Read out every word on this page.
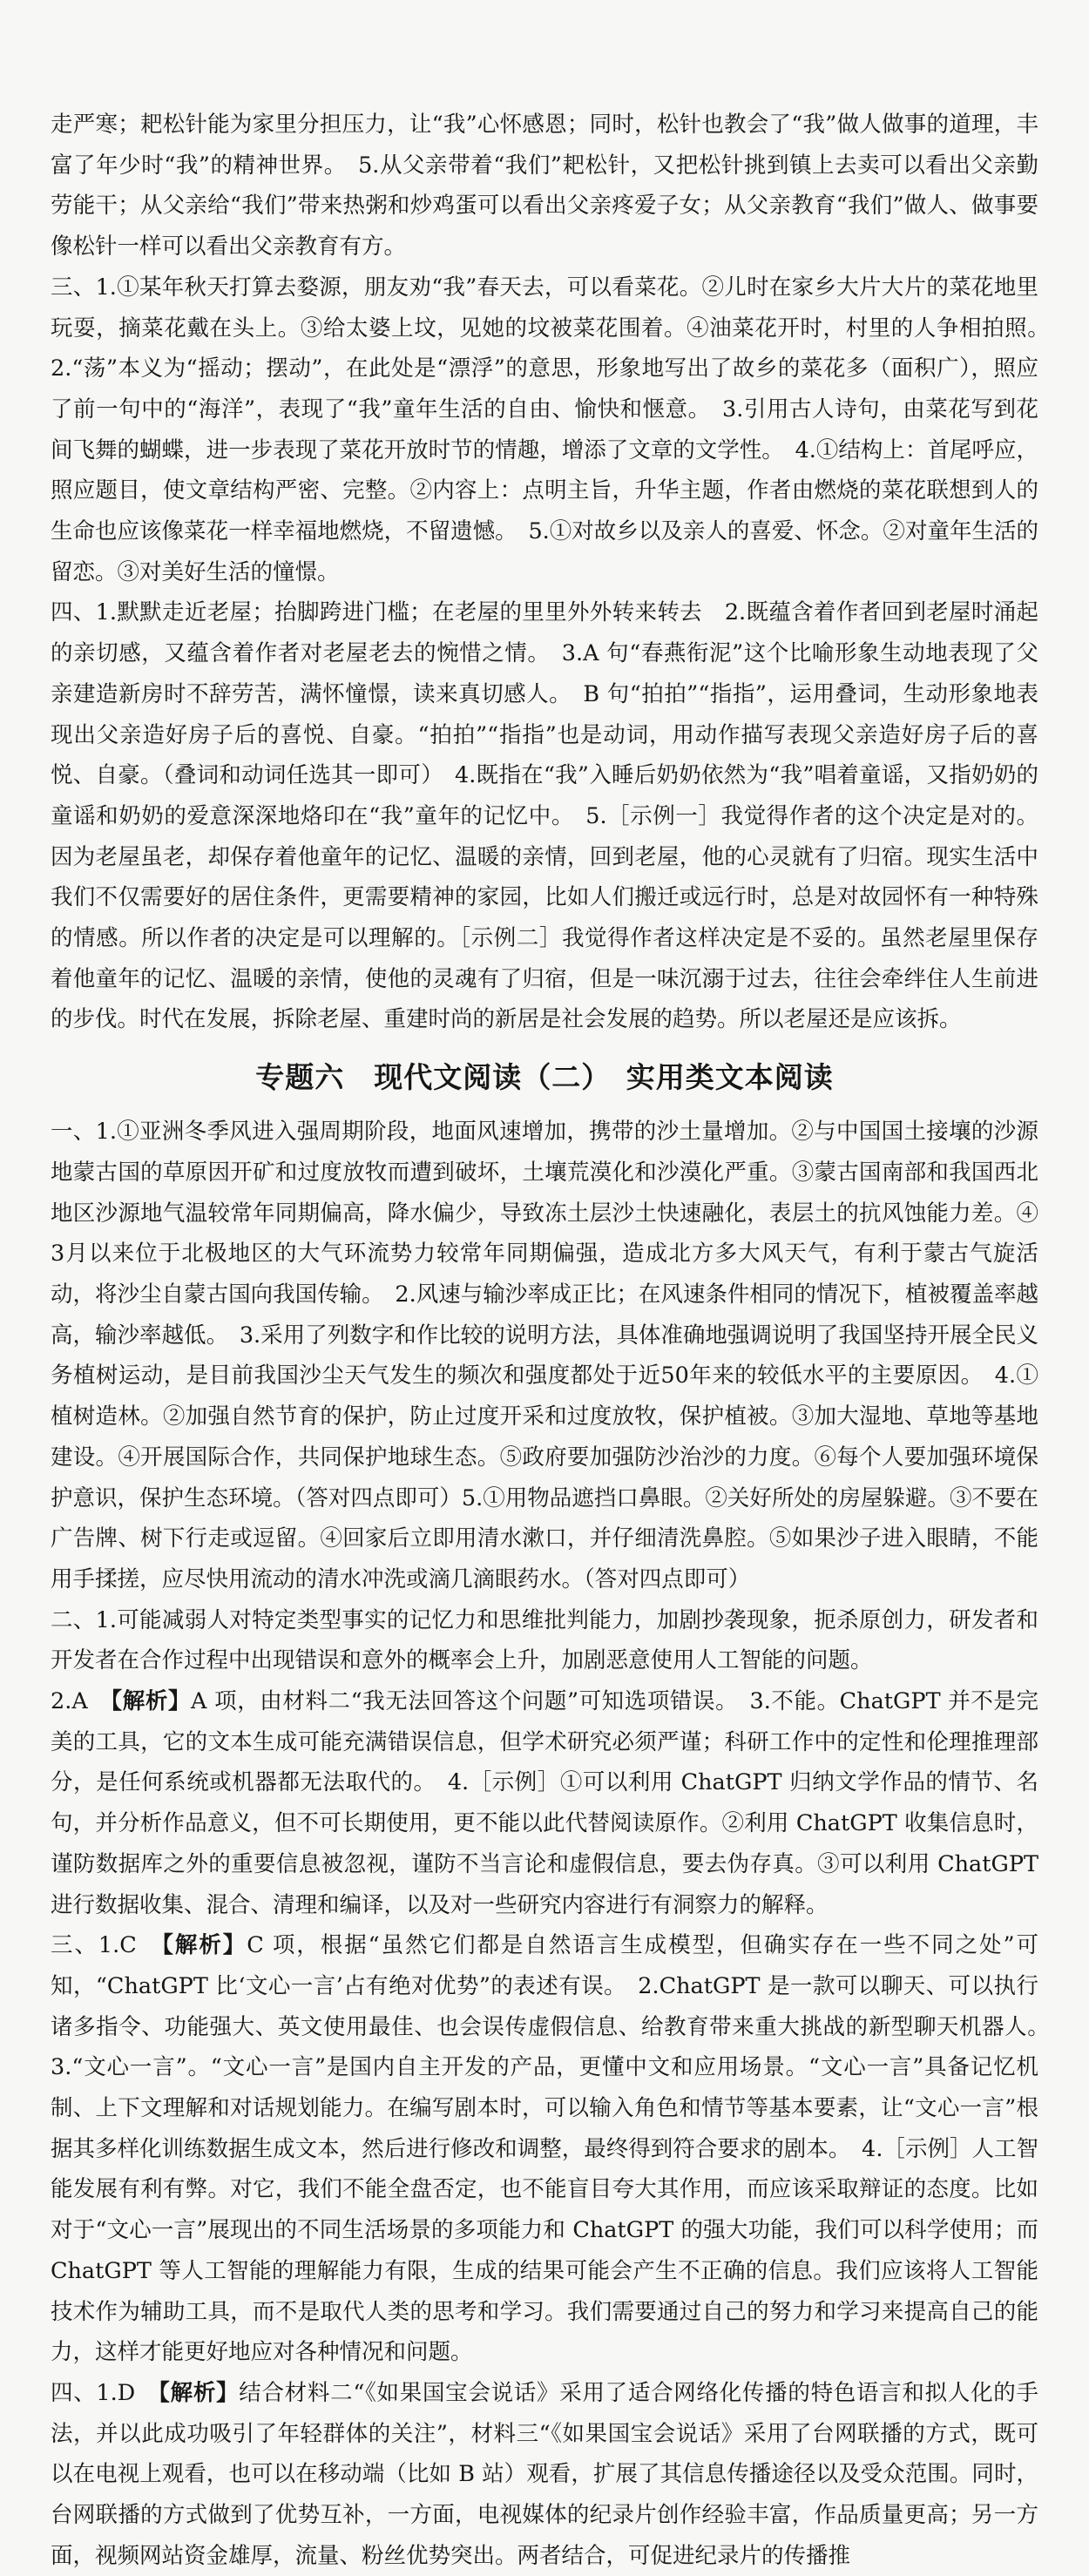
走严寒；耙松针能为家里分担压力，让“我”心怀感恩；同时，松针也教会了“我”做人做事的道理，丰富了年少时“我”的精神世界。　5.从父亲带着“我们”耙松针，又把松针挑到镇上去卖可以看出父亲勤劳能干；从父亲给“我们”带来热粥和炒鸡蛋可以看出父亲疼爱子女；从父亲教育“我们”做人、做事要像松针一样可以看出父亲教育有方。

三、1.①某年秋天打算去婺源，朋友劝“我”春天去，可以看菜花。②儿时在家乡大片大片的菜花地里玩耍，摘菜花戴在头上。③给太婆上坟，见她的坟被菜花围着。④油菜花开时，村里的人争相拍照。　2.“荡”本义为“摇动；摆动”，在此处是“漂浮”的意思，形象地写出了故乡的菜花多（面积广），照应了前一句中的“海洋”，表现了“我”童年生活的自由、愉快和惬意。　3.引用古人诗句，由菜花写到花间飞舞的蝴蝶，进一步表现了菜花开放时节的情趣，增添了文章的文学性。　4.①结构上：首尾呼应，照应题目，使文章结构严密、完整。②内容上：点明主旨，升华主题，作者由燃烧的菜花联想到人的生命也应该像菜花一样幸福地燃烧，不留遗憾。　5.①对故乡以及亲人的喜爱、怀念。②对童年生活的留恋。③对美好生活的憧憬。

四、1.默默走近老屋；抬脚跨进门槛；在老屋的里里外外转来转去　2.既蕴含着作者回到老屋时涌起的亲切感，又蕴含着作者对老屋老去的惋惜之情。　3.A 句“春燕衔泥”这个比喻形象生动地表现了父亲建造新房时不辞劳苦，满怀憧憬，读来真切感人。　B 句“拍拍”“指指”，运用叠词，生动形象地表现出父亲造好房子后的喜悦、自豪。“拍拍”“指指”也是动词，用动作描写表现父亲造好房子后的喜悦、自豪。（叠词和动词任选其一即可）　4.既指在“我”入睡后奶奶依然为“我”唱着童谣，又指奶奶的童谣和奶奶的爱意深深地烙印在“我”童年的记忆中。　5.［示例一］我觉得作者的这个决定是对的。因为老屋虽老，却保存着他童年的记忆、温暖的亲情，回到老屋，他的心灵就有了归宿。现实生活中我们不仅需要好的居住条件，更需要精神的家园，比如人们搬迁或远行时，总是对故园怀有一种特殊的情感。所以作者的决定是可以理解的。［示例二］我觉得作者这样决定是不妥的。虽然老屋里保存着他童年的记忆、温暖的亲情，使他的灵魂有了归宿，但是一味沉溺于过去，往往会牵绊住人生前进的步伐。时代在发展，拆除老屋、重建时尚的新居是社会发展的趋势。所以老屋还是应该拆。

专题六　现代文阅读（二）　实用类文本阅读

一、1.①亚洲冬季风进入强周期阶段，地面风速增加，携带的沙土量增加。②与中国国土接壤的沙源地蒙古国的草原因开矿和过度放牧而遭到破坏，土壤荒漠化和沙漠化严重。③蒙古国南部和我国西北地区沙源地气温较常年同期偏高，降水偏少，导致冻土层沙土快速融化，表层土的抗风蚀能力差。④3月以来位于北极地区的大气环流势力较常年同期偏强，造成北方多大风天气，有利于蒙古气旋活动，将沙尘自蒙古国向我国传输。　2.风速与输沙率成正比；在风速条件相同的情况下，植被覆盖率越高，输沙率越低。　3.采用了列数字和作比较的说明方法，具体准确地强调说明了我国坚持开展全民义务植树运动，是目前我国沙尘天气发生的频次和强度都处于近50年来的较低水平的主要原因。　4.①植树造林。②加强自然节育的保护，防止过度开采和过度放牧，保护植被。③加大湿地、草地等基地建设。④开展国际合作，共同保护地球生态。⑤政府要加强防沙治沙的力度。⑥每个人要加强环境保护意识，保护生态环境。（答对四点即可）5.①用物品遮挡口鼻眼。②关好所处的房屋躲避。③不要在广告牌、树下行走或逗留。④回家后立即用清水漱口，并仔细清洗鼻腔。⑤如果沙子进入眼睛，不能用手揉搓，应尽快用流动的清水冲洗或滴几滴眼药水。（答对四点即可）

二、1.可能减弱人对特定类型事实的记忆力和思维批判能力，加剧抄袭现象，扼杀原创力，研发者和开发者在合作过程中出现错误和意外的概率会上升，加剧恶意使用人工智能的问题。

2.A　【解析】A 项，由材料二“我无法回答这个问题”可知选项错误。　3.不能。ChatGPT 并不是完美的工具，它的文本生成可能充满错误信息，但学术研究必须严谨；科研工作中的定性和伦理推理部分，是任何系统或机器都无法取代的。　4.［示例］①可以利用 ChatGPT 归纳文学作品的情节、名句，并分析作品意义，但不可长期使用，更不能以此代替阅读原作。②利用 ChatGPT 收集信息时，谨防数据库之外的重要信息被忽视，谨防不当言论和虚假信息，要去伪存真。③可以利用 ChatGPT 进行数据收集、混合、清理和编译，以及对一些研究内容进行有洞察力的解释。

三、1.C　【解析】C 项，根据“虽然它们都是自然语言生成模型，但确实存在一些不同之处”可知，“ChatGPT 比‘文心一言’占有绝对优势”的表述有误。　2.ChatGPT 是一款可以聊天、可以执行诸多指令、功能强大、英文使用最佳、也会误传虚假信息、给教育带来重大挑战的新型聊天机器人。　3.“文心一言”。“文心一言”是国内自主开发的产品，更懂中文和应用场景。“文心一言”具备记忆机制、上下文理解和对话规划能力。在编写剧本时，可以输入角色和情节等基本要素，让“文心一言”根据其多样化训练数据生成文本，然后进行修改和调整，最终得到符合要求的剧本。　4.［示例］人工智能发展有利有弊。对它，我们不能全盘否定，也不能盲目夸大其作用，而应该采取辩证的态度。比如对于“文心一言”展现出的不同生活场景的多项能力和 ChatGPT 的强大功能，我们可以科学使用；而 ChatGPT 等人工智能的理解能力有限，生成的结果可能会产生不正确的信息。我们应该将人工智能技术作为辅助工具，而不是取代人类的思考和学习。我们需要通过自己的努力和学习来提高自己的能力，这样才能更好地应对各种情况和问题。

四、1.D　【解析】结合材料二“《如果国宝会说话》采用了适合网络化传播的特色语言和拟人化的手法，并以此成功吸引了年轻群体的关注”，材料三“《如果国宝会说话》采用了台网联播的方式，既可以在电视上观看，也可以在移动端（比如 B 站）观看，扩展了其信息传播途径以及受众范围。同时，台网联播的方式做到了优势互补，一方面，电视媒体的纪录片创作经验丰富，作品质量更高；另一方面，视频网站资金雄厚，流量、粉丝优势突出。两者结合，可促进纪录片的传播推
